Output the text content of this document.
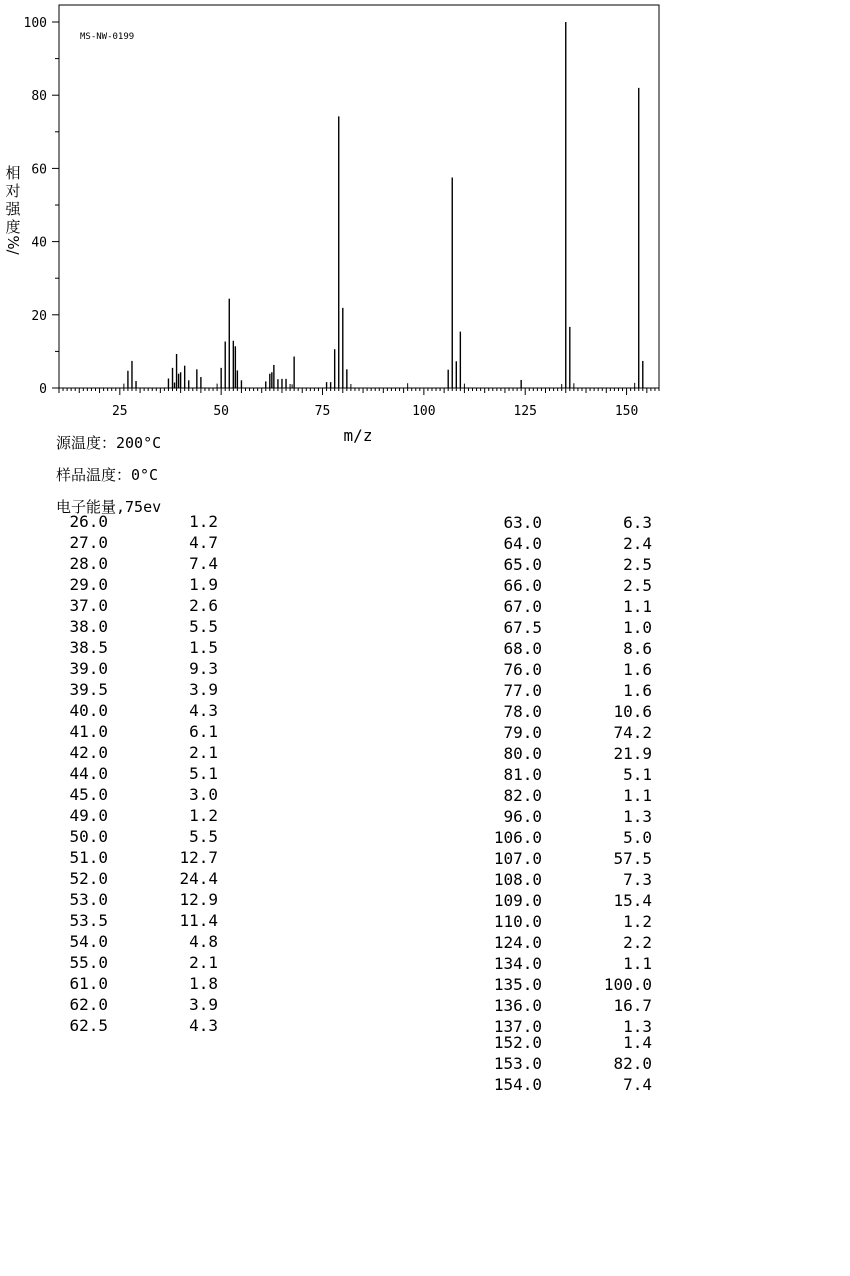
25	50	75	100	125	150
0
20
40
60
80
100
MS-NW-0199
m/z
相
对
强
度
%/
源温度：200°C
样品温度：0°C
电子能量,75ev
26.0	1.2
27.0	4.7
28.0	7.4
29.0	1.9
37.0	2.6
38.0	5.5
38.5	1.5
39.0	9.3
39.5	3.9
40.0	4.3
41.0	6.1
42.0	2.1
44.0	5.1
45.0	3.0
49.0	1.2
50.0	5.5
51.0	12.7
52.0	24.4
53.0	12.9
53.5	11.4
54.0	4.8
55.0	2.1
61.0	1.8
62.0	3.9
62.5	4.3
63.0	6.3
64.0	2.4
65.0	2.5
66.0	2.5
67.0	1.1
67.5	1.0
68.0	8.6
76.0	1.6
77.0	1.6
78.0	10.6
79.0	74.2
80.0	21.9
81.0	5.1
82.0	1.1
96.0	1.3
106.0	5.0
107.0	57.5
108.0	7.3
109.0	15.4
110.0	1.2
124.0	2.2
134.0	1.1
135.0	100.0
136.0	16.7
137.0	1.3
152.0	1.4
153.0	82.0
154.0	7.4
